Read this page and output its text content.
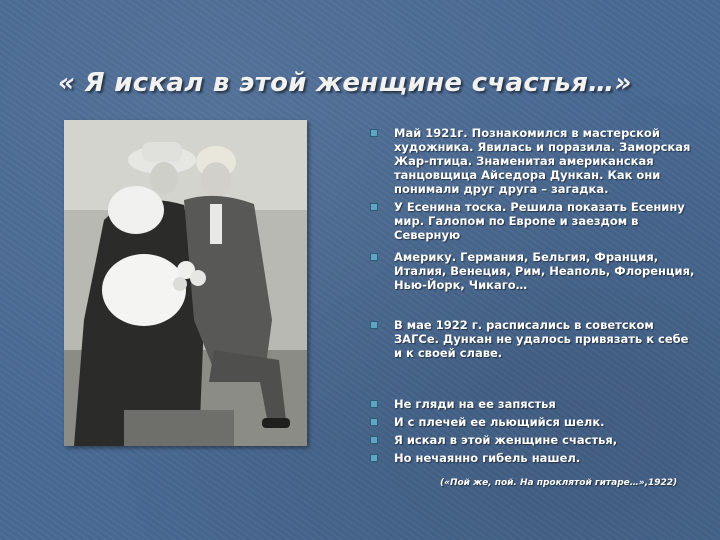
« Я искал в этой женщине счастья…»
Май 1921г. Познакомился в мастерской художника. Явилась и поразила. Заморская Жар-птица. Знаменитая американская танцовщица Айседора Дункан. Как они понимали друг друга – загадка.
У Есенина тоска. Решила показать Есенину мир. Галопом по Европе и заездом в Северную
Америку. Германия, Бельгия, Франция, Италия, Венеция, Рим, Неаполь, Флоренция, Нью-Йорк, Чикаго…
В мае 1922 г. расписались в советском ЗАГСе. Дункан не удалось привязать к себе и к своей славе.
Не гляди на ее запястья
И с плечей ее льющийся шелк.
Я искал в этой женщине счастья,
Но нечаянно гибель нашел.
(«Пой же, пой. На проклятой гитаре…»,1922)
